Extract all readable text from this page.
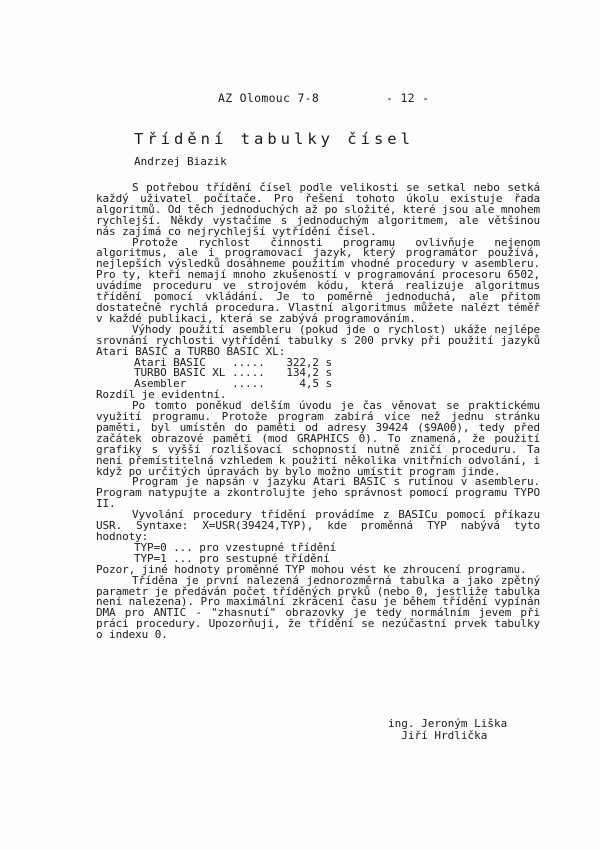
AZ Olomouc 7-8	- 12 -
Třídění tabulky čísel
Andrzej Biazik

S potřebou třídění čísel podle velikosti se setkal nebo setká každý uživatel počítače. Pro řešení tohoto úkolu existuje řada algoritmů. Od těch jednoduchých až po složité, které jsou ale mnohem rychlejší. Někdy vystačíme s jednoduchým algoritmem, ale většinou nás zajímá co nejrychlejší vytřídění čísel.

Protože rychlost činnosti programu ovlivňuje nejenom algoritmus, ale i programovací jazyk, který programátor používá, nejlepších výsledků dosáhneme použitím vhodné procedury v asembleru. Pro ty, kteří nemají mnoho zkušeností v programování procesoru 6502, uvádíme proceduru ve strojovém kódu, která realizuje algoritmus třídění pomocí vkládání. Je to poměrně jednoduchá, ale přitom dostatečně rychlá procedura. Vlastní algoritmus můžete nalézt téměř v každé publikaci, která se zabývá programováním.

Výhody použití asembleru (pokud jde o rychlost) ukáže nejlépe srovnání rychlosti vytřídění tabulky s 200 prvky při použití jazyků Atari BASIC a TURBO BASIC XL:

Atari BASIC ..... 322,2 s
TURBO BASIC XL ..... 134,2 s
Asembler	.....	4,5 s

Rozdíl je evidentní.

Po tomto poněkud delším úvodu je čas věnovat se praktickému využití programu. Protože program zabírá více než jednu stránku paměti, byl umístěn do paměti od adresy 39424 ($9A00), tedy před začátek obrazové paměti (mod GRAPHICS 0). To znamená, že použití grafiky s vyšší rozlišovací schopností nutně zničí proceduru. Ta není přemístitelná vzhledem k použití několika vnitřních odvolání, i když po určitých úpravách by bylo možno umístit program jinde.

Program je napsán v jazyku Atari BASIC s rutinou v asembleru. Program natypujte a zkontrolujte jeho správnost pomocí programu TYPO II.

Vyvolání procedury třídění provádíme z BASICu pomocí příkazu USR. Syntaxe: X=USR(39424,TYP), kde proměnná TYP nabývá tyto hodnoty:

TYP=0 ... pro vzestupné třídění
TYP=1 ... pro sestupné třídění

Pozor, jiné hodnoty proměnné TYP mohou vést ke zhroucení programu.

Tříděna je první nalezená jednorozměrná tabulka a jako zpětný parametr je předáván počet tříděných prvků (nebo 0, jestliže tabulka není nalezena). Pro maximální zkrácení času je během třídění vypínán DMA pro ANTIC - "zhasnutí" obrazovky je tedy normálním jevem při práci procedury. Upozorňuji, že třídění se nezúčastní prvek tabulky o indexu 0.

ing. Jeroným Liška
Jiří Hrdlička
